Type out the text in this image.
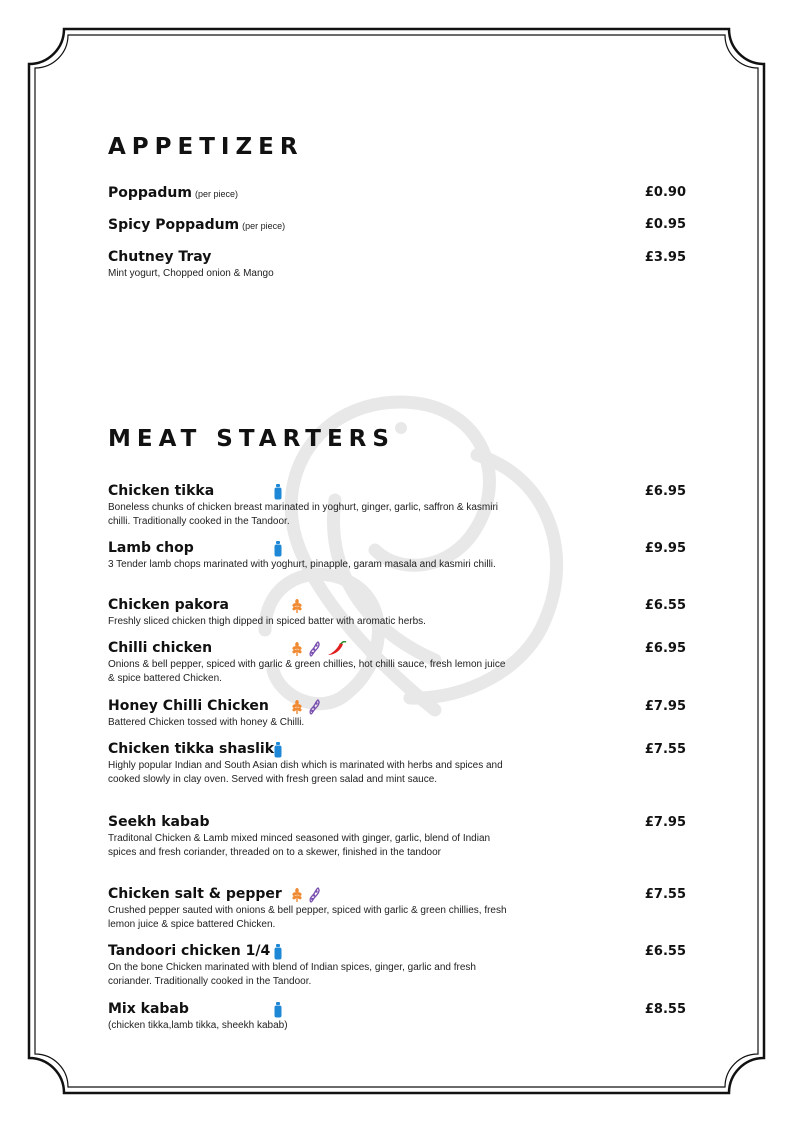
APPETIZER
Poppadum (per piece)	£0.90
Spicy Poppadum (per piece)	£0.95
Chutney Tray	£3.95
Mint yogurt, Chopped onion & Mango
MEAT STARTERS
Chicken tikka	£6.95
Boneless chunks of chicken breast marinated in yoghurt, ginger, garlic, saffron & kasmiri chilli. Traditionally cooked in the Tandoor.
Lamb chop	£9.95
3 Tender lamb chops marinated with yoghurt, pinapple, garam masala and kasmiri chilli.
Chicken pakora	£6.55
Freshly sliced chicken thigh dipped in spiced batter with aromatic herbs.
Chilli chicken	£6.95
Onions & bell pepper, spiced with garlic & green chillies, hot chilli sauce, fresh lemon juice & spice battered Chicken.
Honey Chilli Chicken	£7.95
Battered Chicken tossed with honey & Chilli.
Chicken tikka shaslik	£7.55
Highly popular Indian and South Asian dish which is marinated with herbs and spices and cooked slowly in clay oven. Served with fresh green salad and mint sauce.
Seekh kabab	£7.95
Traditonal Chicken & Lamb mixed minced seasoned with ginger, garlic, blend of Indian spices and fresh coriander, threaded on to a skewer, finished in the tandoor
Chicken salt & pepper	£7.55
Crushed pepper sauted with onions & bell pepper, spiced with garlic & green chillies, fresh lemon juice & spice battered Chicken.
Tandoori chicken 1/4	£6.55
On the bone Chicken marinated with blend of Indian spices, ginger, garlic and fresh coriander. Traditionally cooked in the Tandoor.
Mix kabab	£8.55
(chicken tikka,lamb tikka, sheekh kabab)
